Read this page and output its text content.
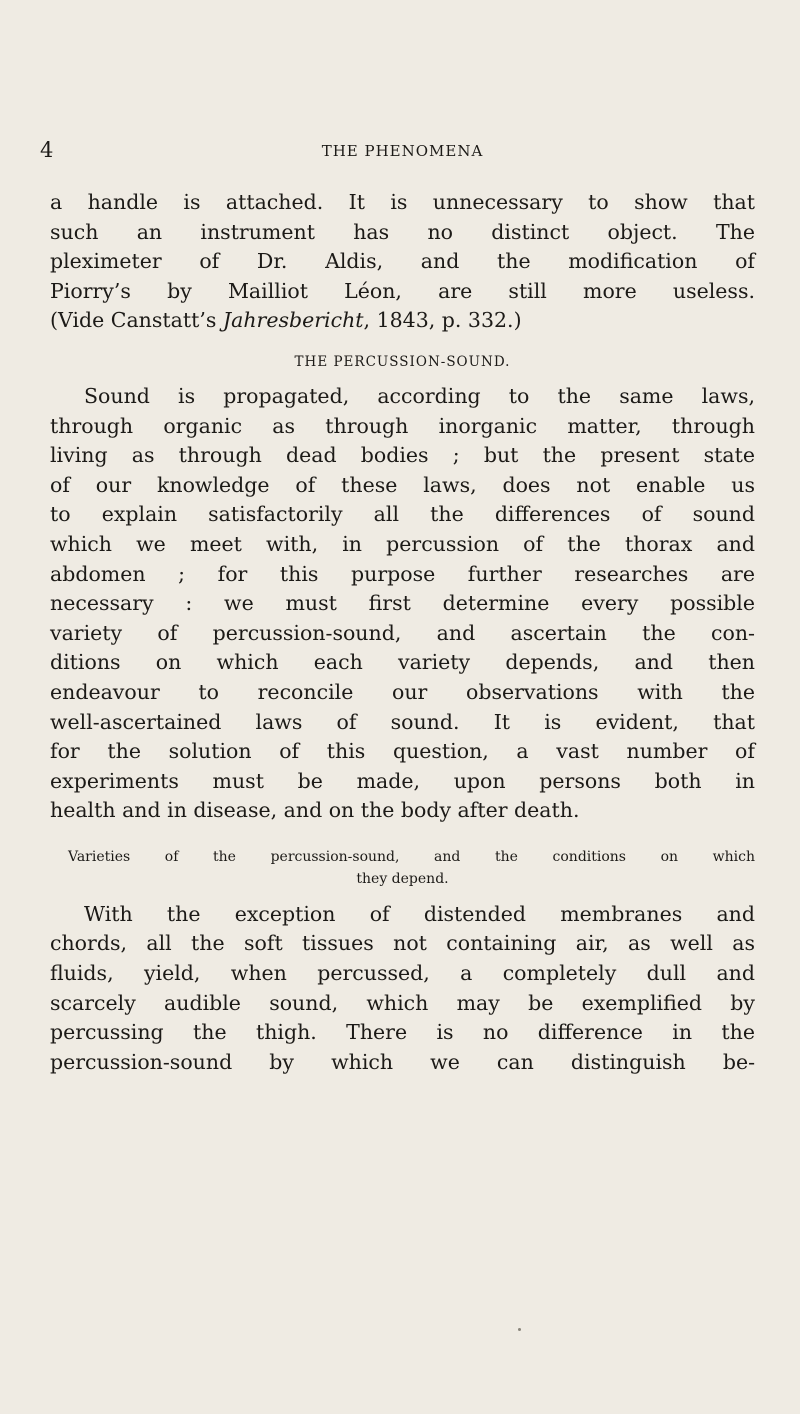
4	THE PHENOMENA

a handle is attached. It is unnecessary to show that
such an instrument has no distinct object. The
pleximeter of Dr. Aldis, and the modification of
Piorry’s by Mailliot Léon, are still more useless.
(Vide Canstatt’s Jahresbericht, 1843, p. 332.)

THE PERCUSSION-SOUND.

Sound is propagated, according to the same laws,
through organic as through inorganic matter, through
living as through dead bodies ; but the present state
of our knowledge of these laws, does not enable us
to explain satisfactorily all the differences of sound
which we meet with, in percussion of the thorax and
abdomen ; for this purpose further researches are
necessary : we must first determine every possible
variety of percussion-sound, and ascertain the con-
ditions on which each variety depends, and then
endeavour to reconcile our observations with the
well-ascertained laws of sound. It is evident, that
for the solution of this question, a vast number of
experiments must be made, upon persons both in
health and in disease, and on the body after death.

Varieties of the percussion-sound, and the conditions on which
they depend.

With the exception of distended membranes and
chords, all the soft tissues not containing air, as well as
fluids, yield, when percussed, a completely dull and
scarcely audible sound, which may be exemplified by
percussing the thigh. There is no difference in the
percussion-sound by which we can distinguish be-
